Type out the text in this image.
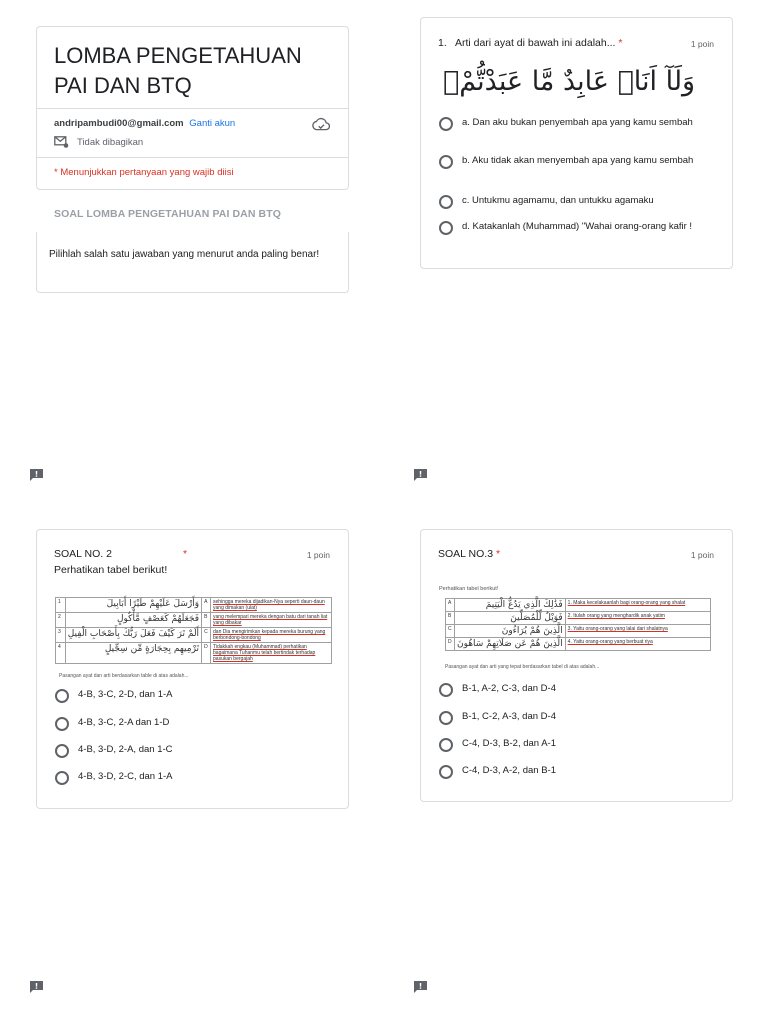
LOMBA PENGETAHUAN PAI DAN BTQ
andripambudi00@gmail.com Ganti akun
Tidak dibagikan
* Menunjukkan pertanyaan yang wajib diisi
SOAL LOMBA PENGETAHUAN PAI DAN BTQ
Pilihlah salah satu jawaban yang menurut anda paling benar!
1. Arti dari ayat di bawah ini adalah... *	1 poin
وَلَآ اَنَا۠ عَابِدٌ مَّا عَبَدْتُّمْۙ
a. Dan aku bukan penyembah apa yang kamu sembah
b. Aku tidak akan menyembah apa yang kamu sembah
c. Untukmu agamamu, dan untukku agamaku
d. Katakanlah (Muhammad) "Wahai orang-orang kafir !
SOAL NO. 2	*	1 poin
Perhatikan tabel berikut!
1	وَأَرْسَلَ عَلَيْهِمْ طَيْرًا أَبَابِيلَ	A	sehingga mereka dijadikan-Nya seperti daun-daun yang dimakan (ulat)
2	فَجَعَلَهُمْ كَعَصْفٍ مَّأْكُولٍ	B	yang melempari mereka dengan batu dari tanah liat yang dibakar
3	أَلَمْ تَرَ كَيْفَ فَعَلَ رَبُّكَ بِأَصْحَابِ الْفِيلِ	C	dan Dia mengirimkan kepada mereka burung yang berbondong-bondong
4	تَرْمِيهِم بِحِجَارَةٍ مِّن سِجِّيلٍ	D	Tidakkah engkau (Muhammad) perhatikan bagaimana Tuhanmu telah bertindak terhadap pasukan bergajah
Pasangan ayat dan arti berdasarkan table di atas adalah...
4-B, 3-C, 2-D, dan 1-A
4-B, 3-C, 2-A dan 1-D
4-B, 3-D, 2-A, dan 1-C
4-B, 3-D, 2-C, dan 1-A
SOAL NO.3 *	1 poin
Perhatikan tabel berikut!
A	فَذَٰلِكَ الَّذِي يَدُعُّ الْيَتِيمَ	1. Maka kecelakaanlah bagi orang-orang yang shalat
B	فَوَيْلٌ لِّلْمُصَلِّينَ	2. Itulah orang yang menghardik anak yatim
C	الَّذِينَ هُمْ يُرَاءُونَ	3. Yaitu orang-orang yang lalai dari shalatnya
D	الَّذِينَ هُمْ عَن صَلَاتِهِمْ سَاهُونَ	4. Yaitu orang-orang yang berbuat riya
Pasangan ayat dan arti yang tepat berdasarkan tabel di atas adalah...
B-1, A-2, C-3, dan D-4
B-1, C-2, A-3, dan D-4
C-4, D-3, B-2, dan A-1
C-4, D-3, A-2, dan B-1
